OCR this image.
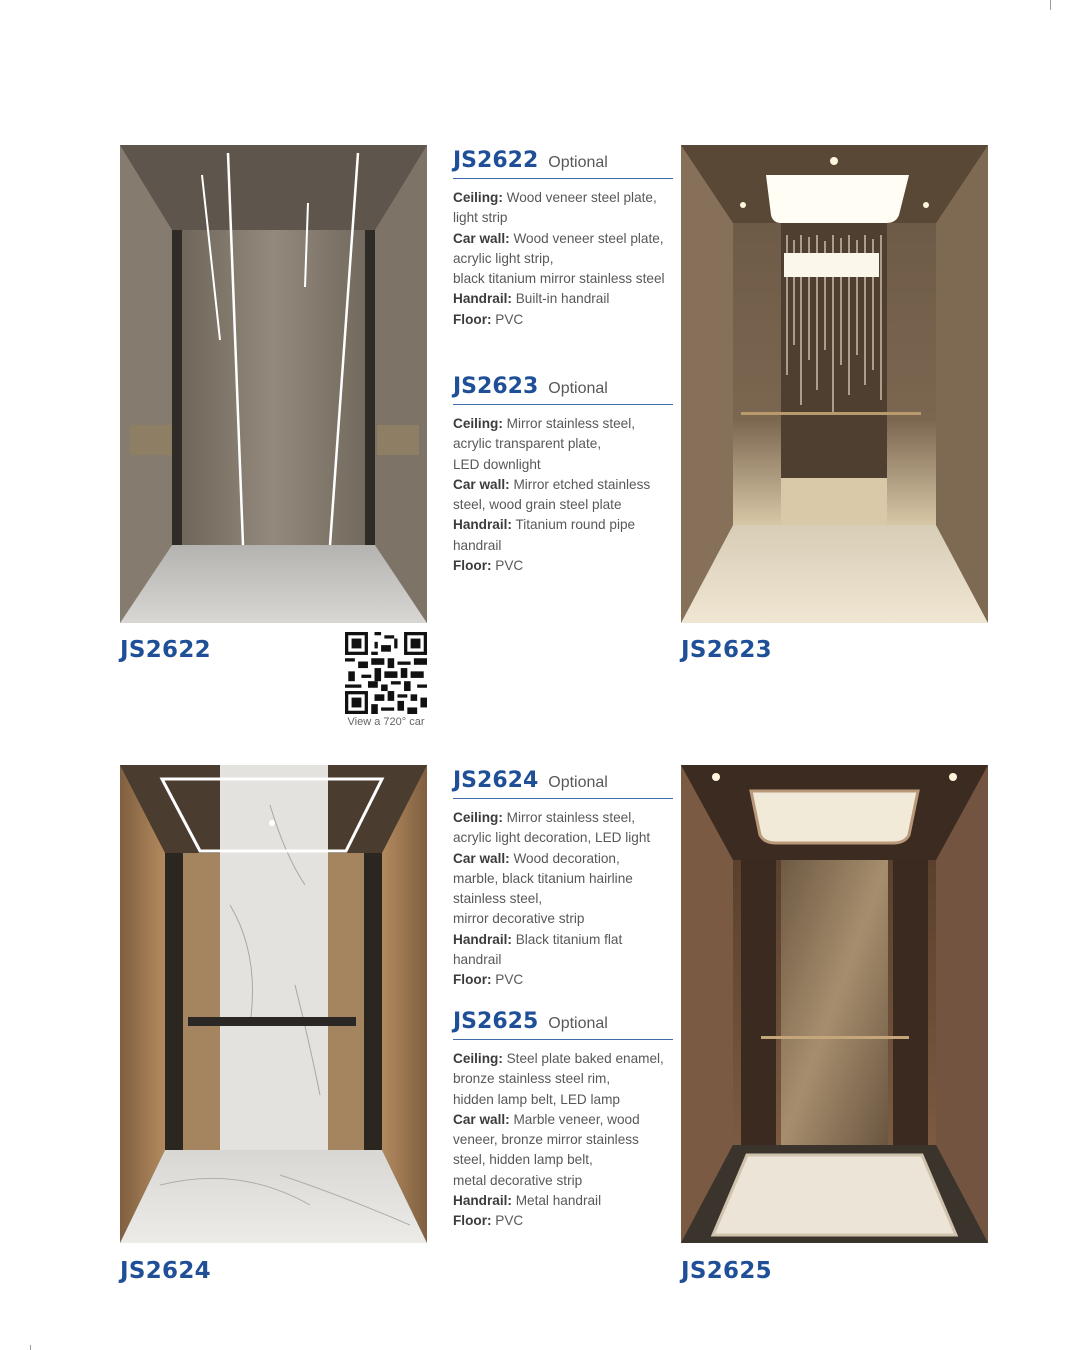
JS2622
View a 720° car
JS2623
JS2624	JS2625
JS2622 Optional
Ceiling: Wood veneer steel plate,
light strip
Car wall: Wood veneer steel plate,
acrylic light strip,
black titanium mirror stainless steel
Handrail: Built-in handrail
Floor: PVC
JS2623 Optional
Ceiling: Mirror stainless steel,
acrylic transparent plate,
LED downlight
Car wall: Mirror etched stainless
steel, wood grain steel plate
Handrail: Titanium round pipe
handrail
Floor: PVC
JS2624 Optional
Ceiling: Mirror stainless steel,
acrylic light decoration, LED light
Car wall: Wood decoration,
marble, black titanium hairline
stainless steel,
mirror decorative strip
Handrail: Black titanium flat
handrail
Floor: PVC
JS2625 Optional
Ceiling: Steel plate baked enamel,
bronze stainless steel rim,
hidden lamp belt, LED lamp
Car wall: Marble veneer, wood
veneer, bronze mirror stainless
steel, hidden lamp belt,
metal decorative strip
Handrail: Metal handrail
Floor: PVC
